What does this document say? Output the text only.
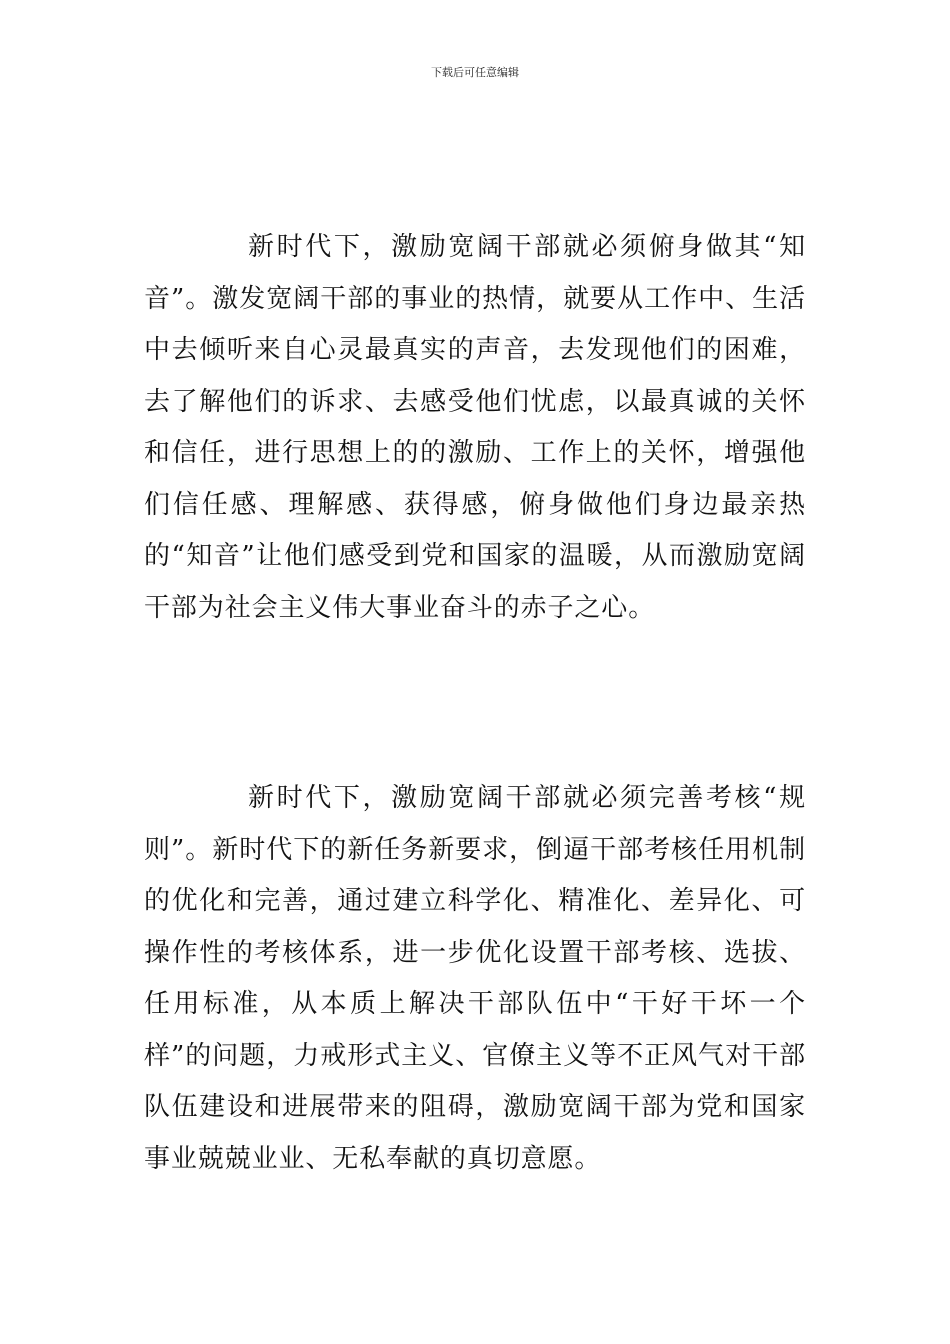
下载后可任意编辑

新时代下，激励宽阔干部就必须俯身做其“知音”。激发宽阔干部的事业的热情，就要从工作中、生活中去倾听来自心灵最真实的声音，去发现他们的困难，去了解他们的诉求、去感受他们忧虑，以最真诚的关怀和信任，进行思想上的的激励、工作上的关怀，增强他们信任感、理解感、获得感，俯身做他们身边最亲热的“知音”让他们感受到党和国家的温暖，从而激励宽阔干部为社会主义伟大事业奋斗的赤子之心。

新时代下，激励宽阔干部就必须完善考核“规则”。新时代下的新任务新要求，倒逼干部考核任用机制的优化和完善，通过建立科学化、精准化、差异化、可操作性的考核体系，进一步优化设置干部考核、选拔、任用标准，从本质上解决干部队伍中“干好干坏一个样”的问题，力戒形式主义、官僚主义等不正风气对干部队伍建设和进展带来的阻碍，激励宽阔干部为党和国家事业兢兢业业、无私奉献的真切意愿。
